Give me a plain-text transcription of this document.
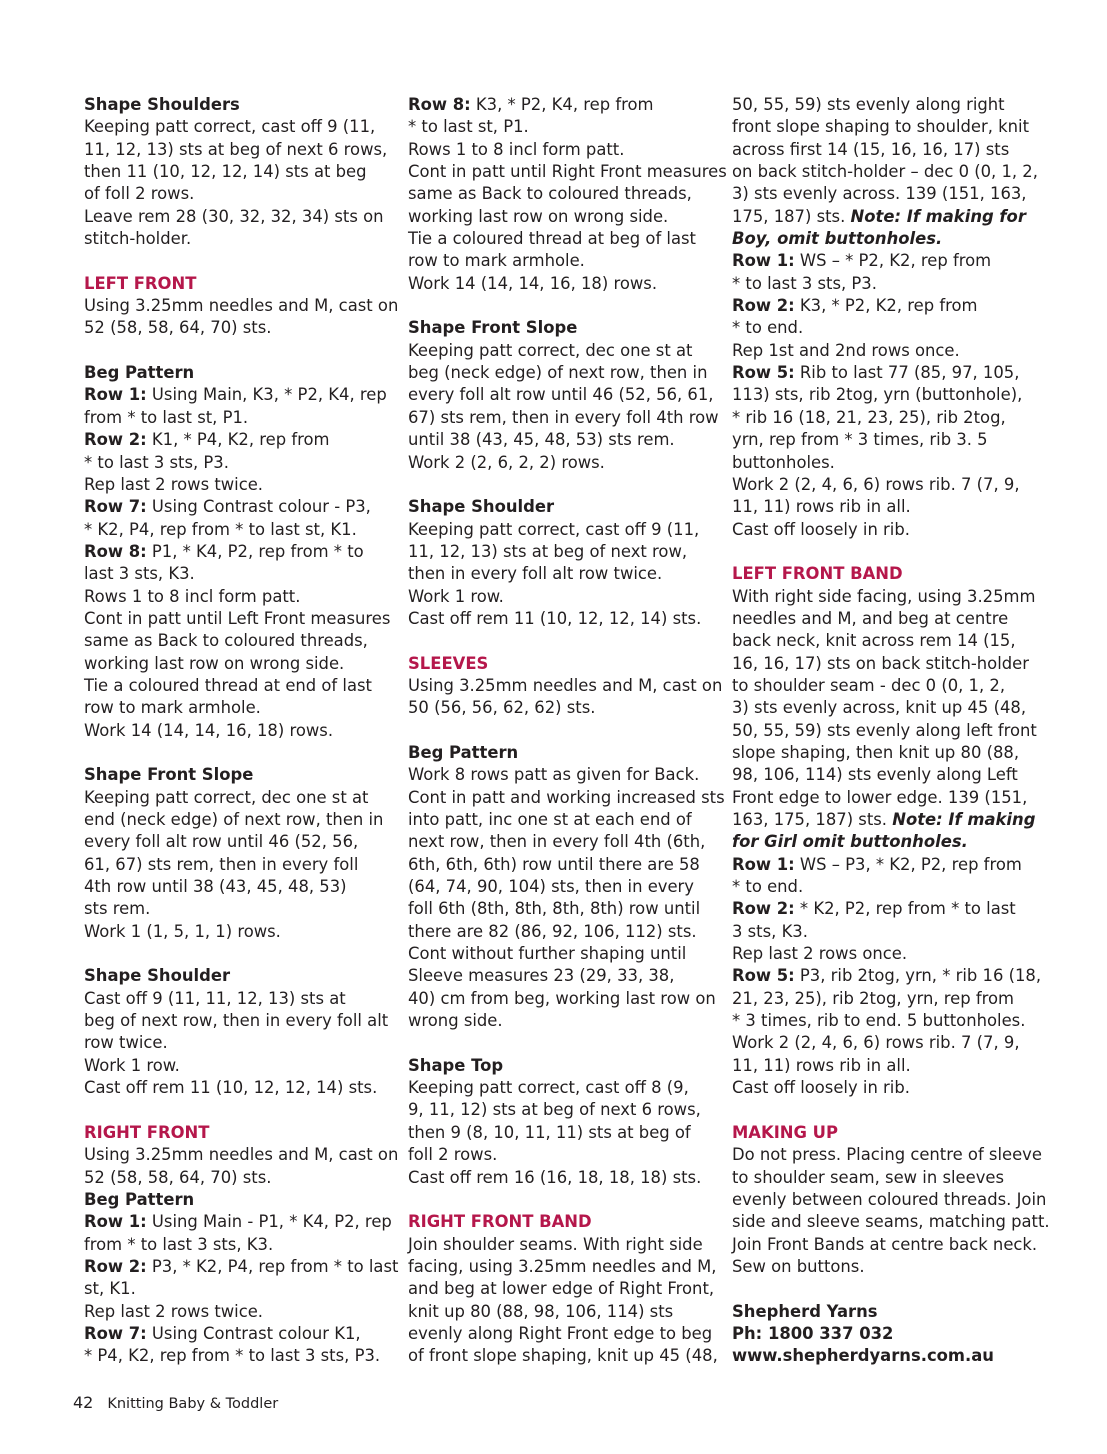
Shape Shoulders
Keeping patt correct, cast off 9 (11,
11, 12, 13) sts at beg of next 6 rows,
then 11 (10, 12, 12, 14) sts at beg
of foll 2 rows.
Leave rem 28 (30, 32, 32, 34) sts on
stitch-holder.
LEFT FRONT
Using 3.25mm needles and M, cast on
52 (58, 58, 64, 70) sts.
Beg Pattern
Row 1: Using Main, K3, * P2, K4, rep
from * to last st, P1.
Row 2: K1, * P4, K2, rep from
* to last 3 sts, P3.
Rep last 2 rows twice.
Row 7: Using Contrast colour - P3,
* K2, P4, rep from * to last st, K1.
Row 8: P1, * K4, P2, rep from * to
last 3 sts, K3.
Rows 1 to 8 incl form patt.
Cont in patt until Left Front measures
same as Back to coloured threads,
working last row on wrong side.
Tie a coloured thread at end of last
row to mark armhole.
Work 14 (14, 14, 16, 18) rows.
Shape Front Slope
Keeping patt correct, dec one st at
end (neck edge) of next row, then in
every foll alt row until 46 (52, 56,
61, 67) sts rem, then in every foll
4th row until 38 (43, 45, 48, 53)
sts rem.
Work 1 (1, 5, 1, 1) rows.
Shape Shoulder
Cast off 9 (11, 11, 12, 13) sts at
beg of next row, then in every foll alt
row twice.
Work 1 row.
Cast off rem 11 (10, 12, 12, 14) sts.
RIGHT FRONT
Using 3.25mm needles and M, cast on
52 (58, 58, 64, 70) sts.
Beg Pattern
Row 1: Using Main - P1, * K4, P2, rep
from * to last 3 sts, K3.
Row 2: P3, * K2, P4, rep from * to last
st, K1.
Rep last 2 rows twice.
Row 7: Using Contrast colour K1,
* P4, K2, rep from * to last 3 sts, P3.
Row 8: K3, * P2, K4, rep from
* to last st, P1.
Rows 1 to 8 incl form patt.
Cont in patt until Right Front measures
same as Back to coloured threads,
working last row on wrong side.
Tie a coloured thread at beg of last
row to mark armhole.
Work 14 (14, 14, 16, 18) rows.
Shape Front Slope
Keeping patt correct, dec one st at
beg (neck edge) of next row, then in
every foll alt row until 46 (52, 56, 61,
67) sts rem, then in every foll 4th row
until 38 (43, 45, 48, 53) sts rem.
Work 2 (2, 6, 2, 2) rows.
Shape Shoulder
Keeping patt correct, cast off 9 (11,
11, 12, 13) sts at beg of next row,
then in every foll alt row twice.
Work 1 row.
Cast off rem 11 (10, 12, 12, 14) sts.
SLEEVES
Using 3.25mm needles and M, cast on
50 (56, 56, 62, 62) sts.
Beg Pattern
Work 8 rows patt as given for Back.
Cont in patt and working increased sts
into patt, inc one st at each end of
next row, then in every foll 4th (6th,
6th, 6th, 6th) row until there are 58
(64, 74, 90, 104) sts, then in every
foll 6th (8th, 8th, 8th, 8th) row until
there are 82 (86, 92, 106, 112) sts.
Cont without further shaping until
Sleeve measures 23 (29, 33, 38,
40) cm from beg, working last row on
wrong side.
Shape Top
Keeping patt correct, cast off 8 (9,
9, 11, 12) sts at beg of next 6 rows,
then 9 (8, 10, 11, 11) sts at beg of
foll 2 rows.
Cast off rem 16 (16, 18, 18, 18) sts.
RIGHT FRONT BAND
Join shoulder seams. With right side
facing, using 3.25mm needles and M,
and beg at lower edge of Right Front,
knit up 80 (88, 98, 106, 114) sts
evenly along Right Front edge to beg
of front slope shaping, knit up 45 (48,
50, 55, 59) sts evenly along right
front slope shaping to shoulder, knit
across first 14 (15, 16, 16, 17) sts
on back stitch-holder – dec 0 (0, 1, 2,
3) sts evenly across. 139 (151, 163,
175, 187) sts. Note: If making for
Boy, omit buttonholes.
Row 1: WS – * P2, K2, rep from
* to last 3 sts, P3.
Row 2: K3, * P2, K2, rep from
* to end.
Rep 1st and 2nd rows once.
Row 5: Rib to last 77 (85, 97, 105,
113) sts, rib 2tog, yrn (buttonhole),
* rib 16 (18, 21, 23, 25), rib 2tog,
yrn, rep from * 3 times, rib 3. 5
buttonholes.
Work 2 (2, 4, 6, 6) rows rib. 7 (7, 9,
11, 11) rows rib in all.
Cast off loosely in rib.
LEFT FRONT BAND
With right side facing, using 3.25mm
needles and M, and beg at centre
back neck, knit across rem 14 (15,
16, 16, 17) sts on back stitch-holder
to shoulder seam - dec 0 (0, 1, 2,
3) sts evenly across, knit up 45 (48,
50, 55, 59) sts evenly along left front
slope shaping, then knit up 80 (88,
98, 106, 114) sts evenly along Left
Front edge to lower edge. 139 (151,
163, 175, 187) sts. Note: If making
for Girl omit buttonholes.
Row 1: WS – P3, * K2, P2, rep from
* to end.
Row 2: * K2, P2, rep from * to last
3 sts, K3.
Rep last 2 rows once.
Row 5: P3, rib 2tog, yrn, * rib 16 (18,
21, 23, 25), rib 2tog, yrn, rep from
* 3 times, rib to end. 5 buttonholes.
Work 2 (2, 4, 6, 6) rows rib. 7 (7, 9,
11, 11) rows rib in all.
Cast off loosely in rib.
MAKING UP
Do not press. Placing centre of sleeve
to shoulder seam, sew in sleeves
evenly between coloured threads. Join
side and sleeve seams, matching patt.
Join Front Bands at centre back neck.
Sew on buttons.
Shepherd Yarns
Ph: 1800 337 032
www.shepherdyarns.com.au
42 Knitting Baby & Toddler
